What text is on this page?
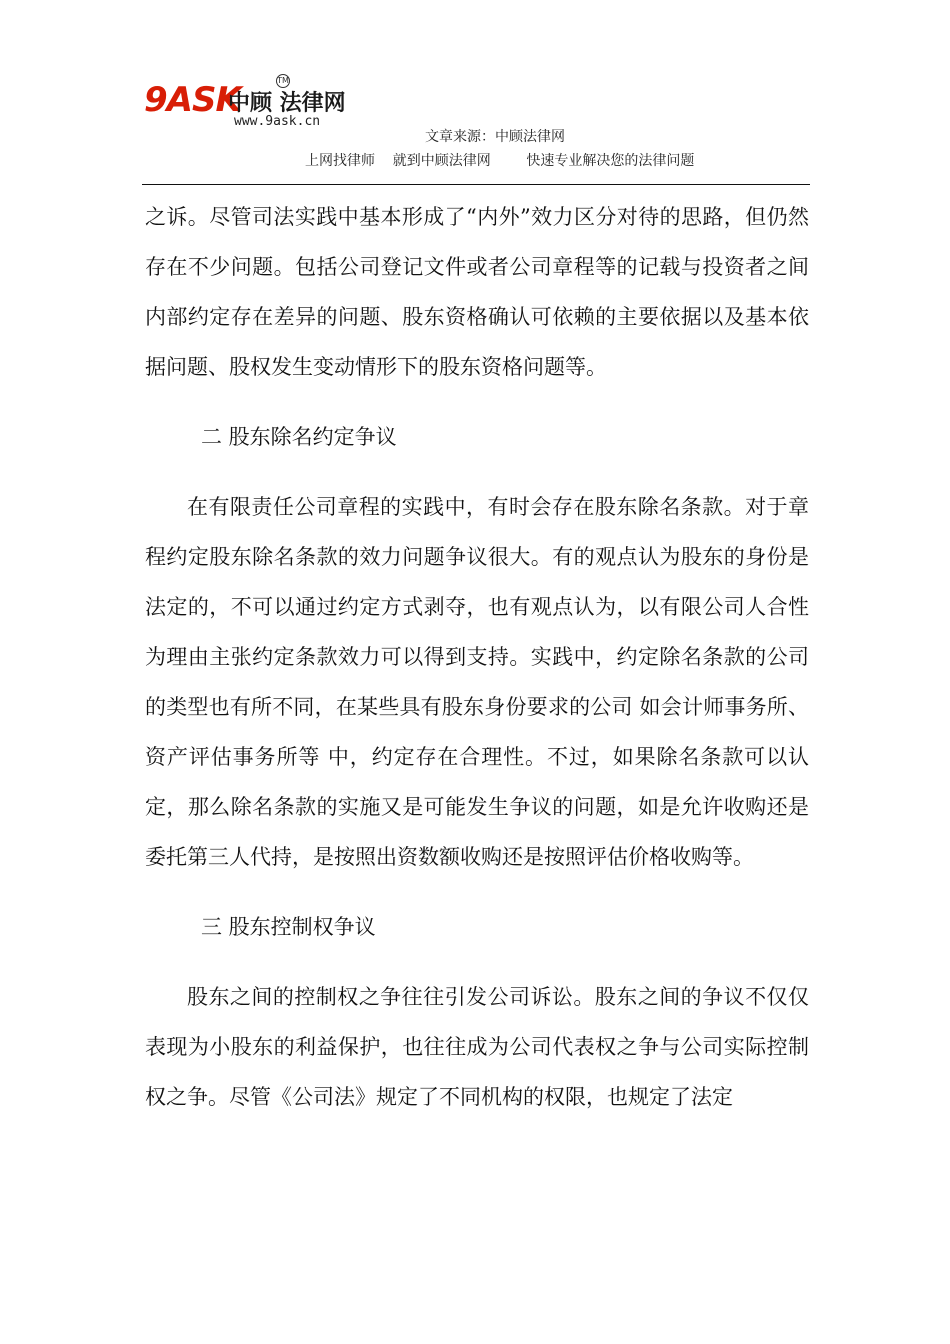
9ASK
中顾 法律网
TM
www.9ask.cn
文章来源：中顾法律网
上网找律师    就到中顾法律网        快速专业解决您的法律问题

之诉。尽管司法实践中基本形成了“内外”效力区分对待的思路，但仍然存在不少问题。包括公司登记文件或者公司章程等的记载与投资者之间内部约定存在差异的问题、股东资格确认可依赖的主要依据以及基本依据问题、股权发生变动情形下的股东资格问题等。

二 股东除名约定争议

在有限责任公司章程的实践中，有时会存在股东除名条款。对于章程约定股东除名条款的效力问题争议很大。有的观点认为股东的身份是法定的，不可以通过约定方式剥夺，也有观点认为，以有限公司人合性为理由主张约定条款效力可以得到支持。实践中，约定除名条款的公司的类型也有所不同，在某些具有股东身份要求的公司 如会计师事务所、资产评估事务所等 中，约定存在合理性。不过，如果除名条款可以认定，那么除名条款的实施又是可能发生争议的问题，如是允许收购还是委托第三人代持，是按照出资数额收购还是按照评估价格收购等。

三 股东控制权争议

股东之间的控制权之争往往引发公司诉讼。股东之间的争议不仅仅表现为小股东的利益保护，也往往成为公司代表权之争与公司实际控制权之争。尽管《公司法》规定了不同机构的权限，也规定了法定
